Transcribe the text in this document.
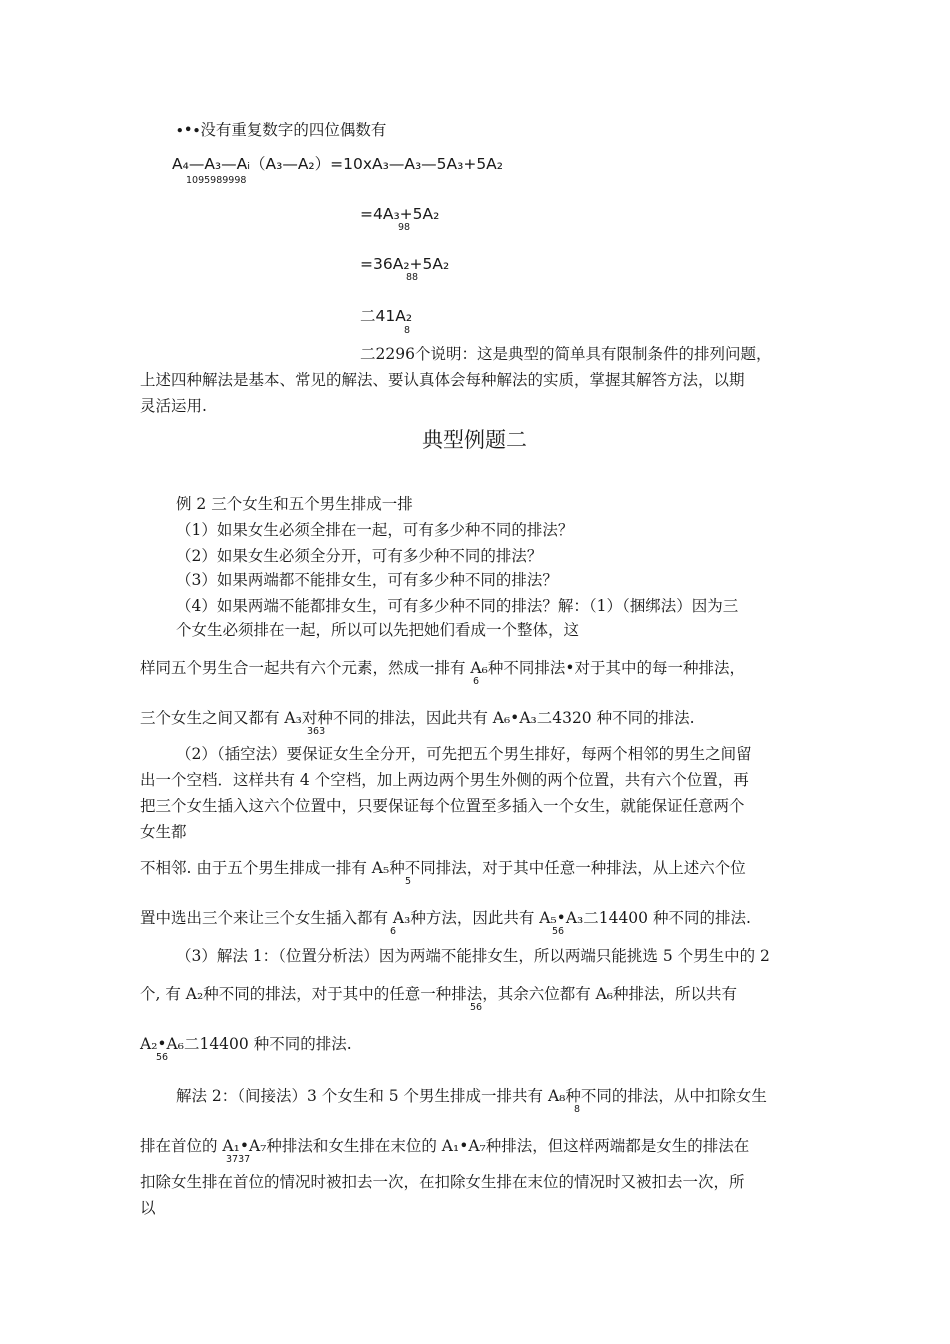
∙•∙没有重复数字的四位偶数有
A₄—A₃—Aᵢ（A₃—A₂）=10xA₃—A₃—5A₃+5A₂
1095989998
=4A₃+5A₂
98
=36A₂+5A₂
88
二41A₂
8
二2296个说明：这是典型的简单具有限制条件的排列问题，
上述四种解法是基本、常见的解法、要认真体会每种解法的实质，掌握其解答方法，以期
灵活运用.
典型例题二
例 2 三个女生和五个男生排成一排
（1）如果女生必须全排在一起，可有多少种不同的排法？
（2）如果女生必须全分开，可有多少种不同的排法？
（3）如果两端都不能排女生，可有多少种不同的排法？
（4）如果两端不能都排女生，可有多少种不同的排法？解：（1）（捆绑法）因为三
个女生必须排在一起，所以可以先把她们看成一个整体，这
样同五个男生合一起共有六个元素，然成一排有 A₆种不同排法•对于其中的每一种排法，
6
三个女生之间又都有 A₃对种不同的排法，因此共有 A₆•A₃二4320 种不同的排法.
363
（2）（插空法）要保证女生全分开，可先把五个男生排好，每两个相邻的男生之间留
出一个空档．这样共有 4 个空档，加上两边两个男生外侧的两个位置，共有六个位置，再
把三个女生插入这六个位置中，只要保证每个位置至多插入一个女生，就能保证任意两个
女生都
不相邻. 由于五个男生排成一排有 A₅种不同排法，对于其中任意一种排法，从上述六个位
5
置中选出三个来让三个女生插入都有 A₃种方法，因此共有 A₅•A₃二14400 种不同的排法.
6	56
（3）解法 1：（位置分析法）因为两端不能排女生，所以两端只能挑选 5 个男生中的 2
个, 有 A₂种不同的排法，对于其中的任意一种排法，其余六位都有 A₆种排法，所以共有
56
A₂•A₆二14400 种不同的排法.
56
解法 2：（间接法）3 个女生和 5 个男生排成一排共有 A₈种不同的排法，从中扣除女生
8
排在首位的 A₁•A₇种排法和女生排在末位的 A₁•A₇种排法，但这样两端都是女生的排法在
3737
扣除女生排在首位的情况时被扣去一次，在扣除女生排在末位的情况时又被扣去一次，所
以
